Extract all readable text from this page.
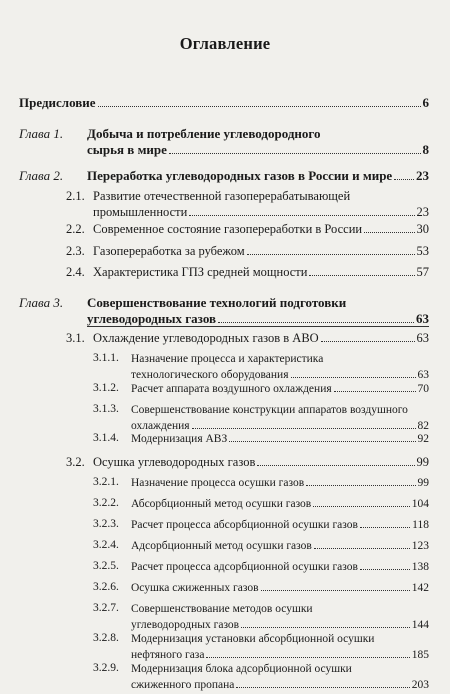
Оглавление
Предисловие	6
Глава 1. Добыча и потребление углеводородного
сырья в мире	8
Глава 2. Переработка углеводородных газов в России и мире 23
2.1. Развитие отечественной газоперерабатывающей
промышленности	23
2.2. Современное состояние газопереработки в России	30
2.3. Газопереработка за рубежом	53
2.4. Характеристика ГПЗ средней мощности	57
Глава 3. Совершенствование технологий подготовки
углеводородных газов	63
3.1. Охлаждение углеводородных газов в АВО	63
3.1.1. Назначение процесса и характеристика
технологического оборудования	63
3.1.2. Расчет аппарата воздушного охлаждения	70
3.1.3. Совершенствование конструкции аппаратов воздушного
охлаждения	82
3.1.4. Модернизация АВЗ	92
3.2. Осушка углеводородных газов	99
3.2.1. Назначение процесса осушки газов	99
3.2.2. Абсорбционный метод осушки газов	104
3.2.3. Расчет процесса абсорбционной осушки газов	118
3.2.4. Адсорбционный метод осушки газов	123
3.2.5. Расчет процесса адсорбционной осушки газов	138
3.2.6. Осушка сжиженных газов	142
3.2.7. Совершенствование методов осушки
углеводородных газов	144
3.2.8. Модернизация установки абсорбционной осушки
нефтяного газа	185
3.2.9. Модернизация блока адсорбционной осушки
сжиженного пропана	203
